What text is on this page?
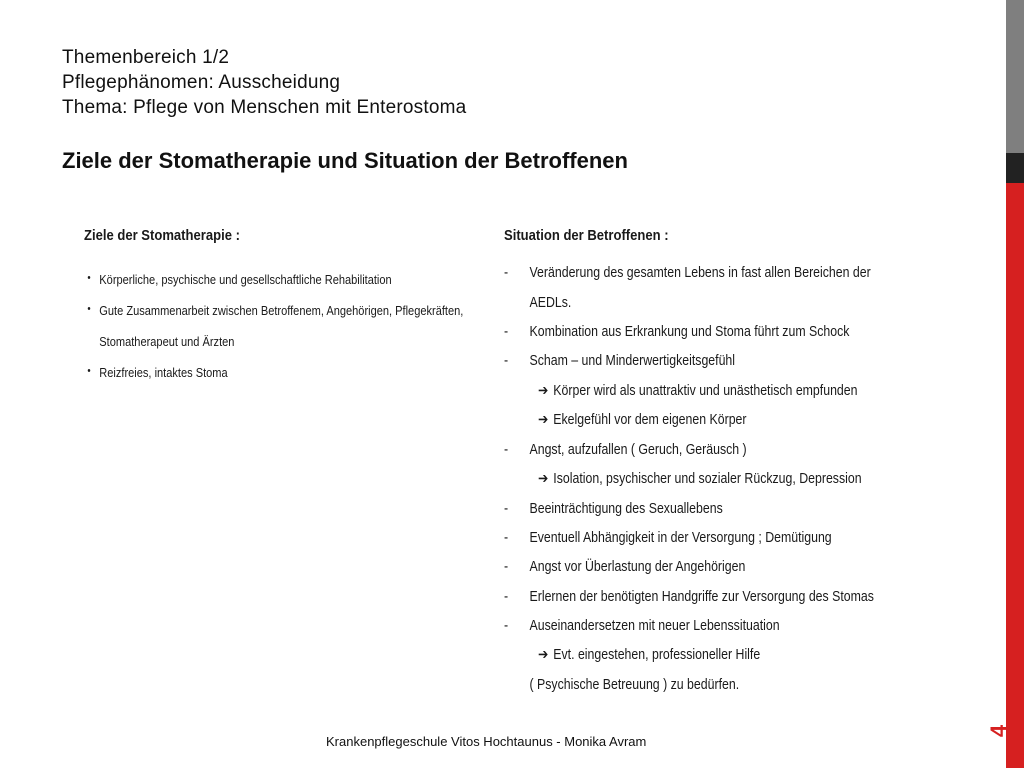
Themenbereich 1/2
Pflegephänomen: Ausscheidung
Thema: Pflege von Menschen mit Enterostoma
Ziele der Stomatherapie und Situation der Betroffenen
Ziele der Stomatherapie :
• Körperliche, psychische und gesellschaftliche Rehabilitation
• Gute Zusammenarbeit zwischen Betroffenem, Angehörigen, Pflegekräften,
Stomatherapeut und Ärzten
• Reizfreies, intaktes Stoma
Situation der Betroffenen :
- Veränderung des gesamten Lebens in fast allen Bereichen der
AEDLs.
- Kombination aus Erkrankung und Stoma führt zum Schock
- Scham – und Minderwertigkeitsgefühl
➔ Körper wird als unattraktiv und unästhetisch empfunden
➔ Ekelgefühl vor dem eigenen Körper
- Angst, aufzufallen ( Geruch, Geräusch )
➔ Isolation, psychischer und sozialer Rückzug, Depression
- Beeinträchtigung des Sexuallebens
- Eventuell Abhängigkeit in der Versorgung ; Demütigung
- Angst vor Überlastung der Angehörigen
- Erlernen der benötigten Handgriffe zur Versorgung des Stomas
- Auseinandersetzen mit neuer Lebenssituation
➔ Evt. eingestehen, professioneller Hilfe
( Psychische Betreuung ) zu bedürfen.
Krankenpflegeschule Vitos Hochtaunus - Monika Avram
4
